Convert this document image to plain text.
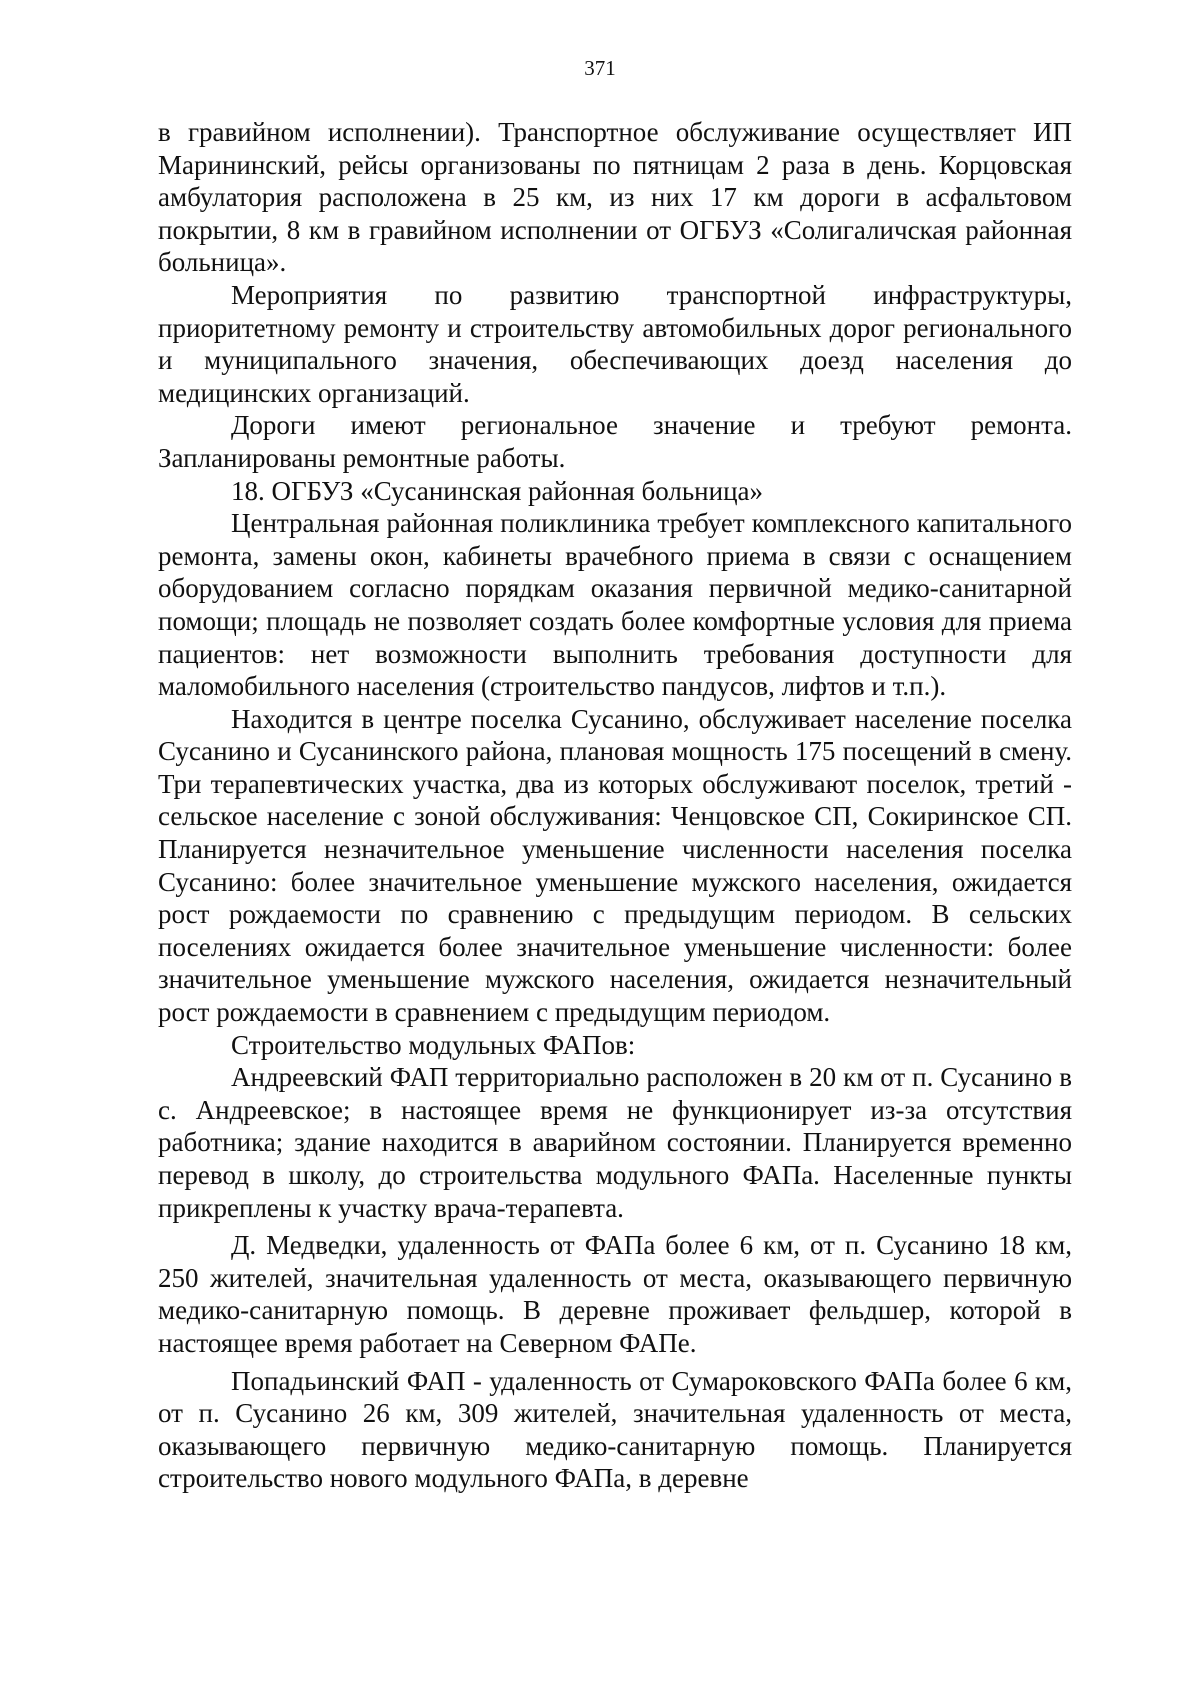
371

в гравийном исполнении). Транспортное обслуживание осуществляет ИП Марининский, рейсы организованы по пятницам 2 раза в день. Корцовская амбулатория расположена в 25 км, из них 17 км дороги в асфальтовом покрытии, 8 км в гравийном исполнении от ОГБУЗ «Солигаличская районная больница».

Мероприятия по развитию транспортной инфраструктуры, приоритетному ремонту и строительству автомобильных дорог регионального и муниципального значения, обеспечивающих доезд населения до медицинских организаций.

Дороги имеют региональное значение и требуют ремонта. Запланированы ремонтные работы.

18. ОГБУЗ «Сусанинская районная больница»

Центральная районная поликлиника требует комплексного капитального ремонта, замены окон, кабинеты врачебного приема в связи с оснащением оборудованием согласно порядкам оказания первичной медико-санитарной помощи; площадь не позволяет создать более комфортные условия для приема пациентов: нет возможности выполнить требования доступности для маломобильного населения (строительство пандусов, лифтов и т.п.).

Находится в центре поселка Сусанино, обслуживает население поселка Сусанино и Сусанинского района, плановая мощность 175 посещений в смену. Три терапевтических участка, два из которых обслуживают поселок, третий - сельское население с зоной обслуживания: Ченцовское СП, Сокиринское СП. Планируется незначительное уменьшение численности населения поселка Сусанино: более значительное уменьшение мужского населения, ожидается рост рождаемости по сравнению с предыдущим периодом. В сельских поселениях ожидается более значительное уменьшение численности: более значительное уменьшение мужского населения, ожидается незначительный рост рождаемости в сравнением с предыдущим периодом.

Строительство модульных ФАПов:

Андреевский ФАП территориально расположен в 20 км от п. Сусанино в с. Андреевское; в настоящее время не функционирует из-за отсутствия работника; здание находится в аварийном состоянии. Планируется временно перевод в школу, до строительства модульного ФАПа. Населенные пункты прикреплены к участку врача-терапевта.

Д. Медведки, удаленность от ФАПа более 6 км, от п. Сусанино 18 км, 250 жителей, значительная удаленность от места, оказывающего первичную медико-санитарную помощь. В деревне проживает фельдшер, которой в настоящее время работает на Северном ФАПе.

Попадьинский ФАП - удаленность от Сумароковского ФАПа более 6 км, от п. Сусанино 26 км, 309 жителей, значительная удаленность от места, оказывающего первичную медико-санитарную помощь. Планируется строительство нового модульного ФАПа, в деревне
